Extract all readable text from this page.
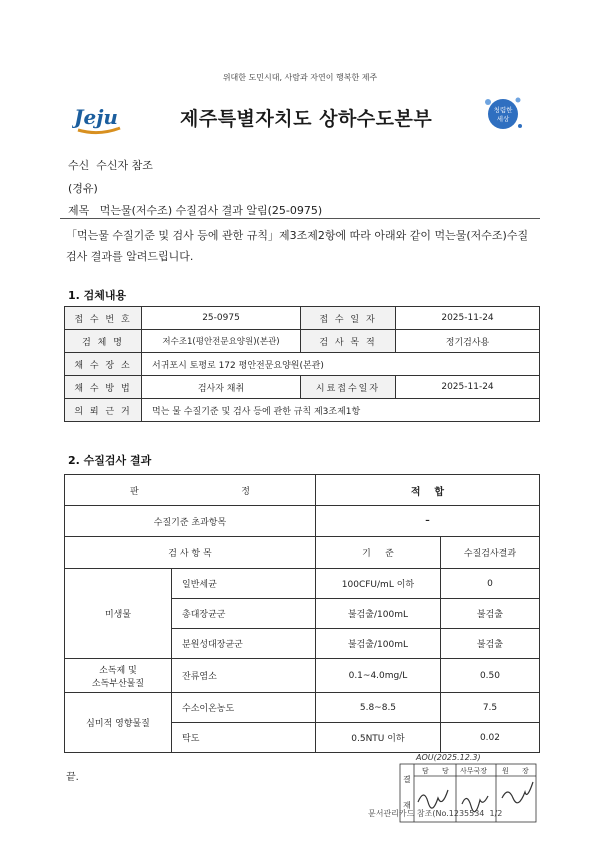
위대한 도민시대, 사람과 자연이 행복한 제주
Jeju	제주특별자치도 상하수도본부	청렴한
세상
수신 수신자 참조
(경유)
제목 먹는물(저수조) 수질검사 결과 알림(25-0975)
「먹는물 수질기준 및 검사 등에 관한 규칙」제3조제2항에 따라 아래와 같이 먹는물(저수조)수질검사 결과를 알려드립니다.
1. 검체내용
접 수 번 호	25-0975	접 수 일 자	2025-11-24
검 체 명	저수조1(평안전문요양원)(본관)	검 사 목 적	정기검사용
채 수 장 소	서귀포시 토평로 172 평안전문요양원(본관)		
채 수 방 법	검사자 채취	시료접수일자	2025-11-24
의 뢰 근 거	먹는 물 수질기준 및 검사 등에 관한 규칙 제3조제1항		
2. 수질검사 결과
판 정		적    합	
수질기준 초과항목		–	
검 사 항 목		기     준	수질검사결과
미생물	일반세균	100CFU/mL 이하	0
	총대장균군	불검출/100mL	불검출
	분원성대장균군	불검출/100mL	불검출

소독제 및
소독부산물질	잔류염소	0.1~4.0mg/L	0.50
심미적 영향물질	수소이온농도	5.8~8.5	7.5
	탁도	0.5NTU 이하	0.02
끝.
AOU(2025.12.3)
결
재
담 당 사무국장 원 장
문서관리카드 참조(No.1235534 1/2
